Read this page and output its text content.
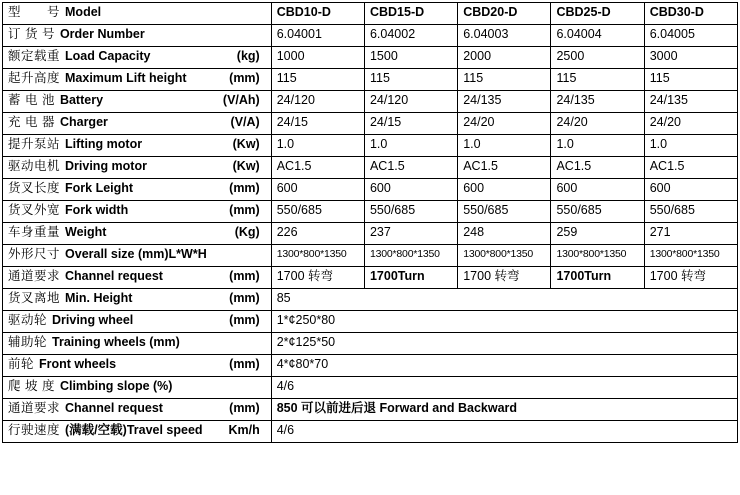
型　　号 Model	CBD10-D	CBD15-D	CBD20-D	CBD25-D	CBD30-D

订 货 号 Order Number	6.04001	6.04002	6.04003	6.04004	6.04005

额定载重 Load Capacity (kg)	1000	1500	2000	2500	3000

起升高度 Maximum Lift height (mm)	115	115	115	115	115

蓄 电 池 Battery (V/Ah)	24/120	24/120	24/135	24/135	24/135

充 电 器 Charger (V/A)	24/15	24/15	24/20	24/20	24/20

提升泵站 Lifting motor (Kw)	1.0	1.0	1.0	1.0	1.0

驱动电机 Driving motor (Kw)	AC1.5	AC1.5	AC1.5	AC1.5	AC1.5

货叉长度 Fork Leight (mm)	600	600	600	600	600

货叉外宽 Fork width (mm)	550/685	550/685	550/685	550/685	550/685

车身重量 Weight (Kg)	226	237	248	259	271

外形尺寸 Overall size (mm)L*W*H	1300*800*1350	1300*800*1350	1300*800*1350	1300*800*1350	1300*800*1350

通道要求 Channel request (mm)	1700 转弯	1700Turn	1700 转弯	1700Turn	1700 转弯

货叉离地 Min. Height (mm)	85				

驱动轮 Driving wheel (mm)	1*¢250*80				

辅助轮 Training wheels (mm)	2*¢125*50				

前轮 Front wheels (mm)	4*¢80*70				

爬 坡 度 Climbing slope (%)	4/6				

通道要求 Channel request (mm)	850 可以前进后退 Forward and Backward				

行驶速度 (满载/空载)Travel speed Km/h	4/6				
